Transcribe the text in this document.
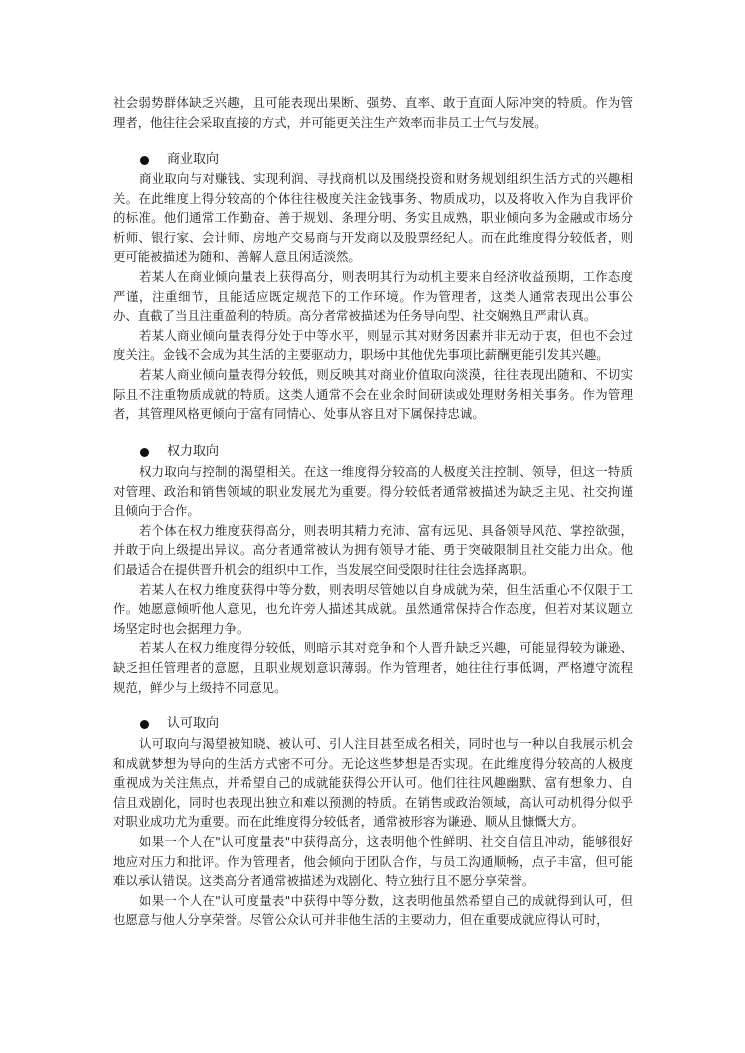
社会弱势群体缺乏兴趣，且可能表现出果断、强势、直率、敢于直面人际冲突的特质。作为管理者，他往往会采取直接的方式，并可能更关注生产效率而非员工士气与发展。

商业取向

商业取向与对赚钱、实现利润、寻找商机以及围绕投资和财务规划组织生活方式的兴趣相关。在此维度上得分较高的个体往往极度关注金钱事务、物质成功，以及将收入作为自我评价的标准。他们通常工作勤奋、善于规划、条理分明、务实且成熟，职业倾向多为金融或市场分析师、银行家、会计师、房地产交易商与开发商以及股票经纪人。而在此维度得分较低者，则更可能被描述为随和、善解人意且闲适淡然。

若某人在商业倾向量表上获得高分，则表明其行为动机主要来自经济收益预期，工作态度严谨，注重细节，且能适应既定规范下的工作环境。作为管理者，这类人通常表现出公事公办、直截了当且注重盈利的特质。高分者常被描述为任务导向型、社交娴熟且严肃认真。

若某人商业倾向量表得分处于中等水平，则显示其对财务因素并非无动于衷，但也不会过度关注。金钱不会成为其生活的主要驱动力，职场中其他优先事项比薪酬更能引发其兴趣。

若某人商业倾向量表得分较低，则反映其对商业价值取向淡漠，往往表现出随和、不切实际且不注重物质成就的特质。这类人通常不会在业余时间研读或处理财务相关事务。作为管理者，其管理风格更倾向于富有同情心、处事从容且对下属保持忠诚。

权力取向

权力取向与控制的渴望相关。在这一维度得分较高的人极度关注控制、领导，但这一特质对管理、政治和销售领域的职业发展尤为重要。得分较低者通常被描述为缺乏主见、社交拘谨且倾向于合作。

若个体在权力维度获得高分，则表明其精力充沛、富有远见、具备领导风范、掌控欲强，并敢于向上级提出异议。高分者通常被认为拥有领导才能、勇于突破限制且社交能力出众。他们最适合在提供晋升机会的组织中工作，当发展空间受限时往往会选择离职。

若某人在权力维度获得中等分数，则表明尽管她以自身成就为荣，但生活重心不仅限于工作。她愿意倾听他人意见，也允许旁人描述其成就。虽然通常保持合作态度，但若对某议题立场坚定时也会据理力争。

若某人在权力维度得分较低，则暗示其对竞争和个人晋升缺乏兴趣，可能显得较为谦逊、缺乏担任管理者的意愿，且职业规划意识薄弱。作为管理者，她往往行事低调，严格遵守流程规范，鲜少与上级持不同意见。

认可取向

认可取向与渴望被知晓、被认可、引人注目甚至成名相关，同时也与一种以自我展示机会和成就梦想为导向的生活方式密不可分。无论这些梦想是否实现。在此维度得分较高的人极度重视成为关注焦点，并希望自己的成就能获得公开认可。他们往往风趣幽默、富有想象力、自信且戏剧化，同时也表现出独立和难以预测的特质。在销售或政治领域，高认可动机得分似乎对职业成功尤为重要。而在此维度得分较低者，通常被形容为谦逊、顺从且慷慨大方。

如果一个人在"认可度量表"中获得高分，这表明他个性鲜明、社交自信且冲动，能够很好地应对压力和批评。作为管理者，他会倾向于团队合作，与员工沟通顺畅，点子丰富，但可能难以承认错误。这类高分者通常被描述为戏剧化、特立独行且不愿分享荣誉。

如果一个人在"认可度量表"中获得中等分数，这表明他虽然希望自己的成就得到认可，但也愿意与他人分享荣誉。尽管公众认可并非他生活的主要动力，但在重要成就应得认可时，
